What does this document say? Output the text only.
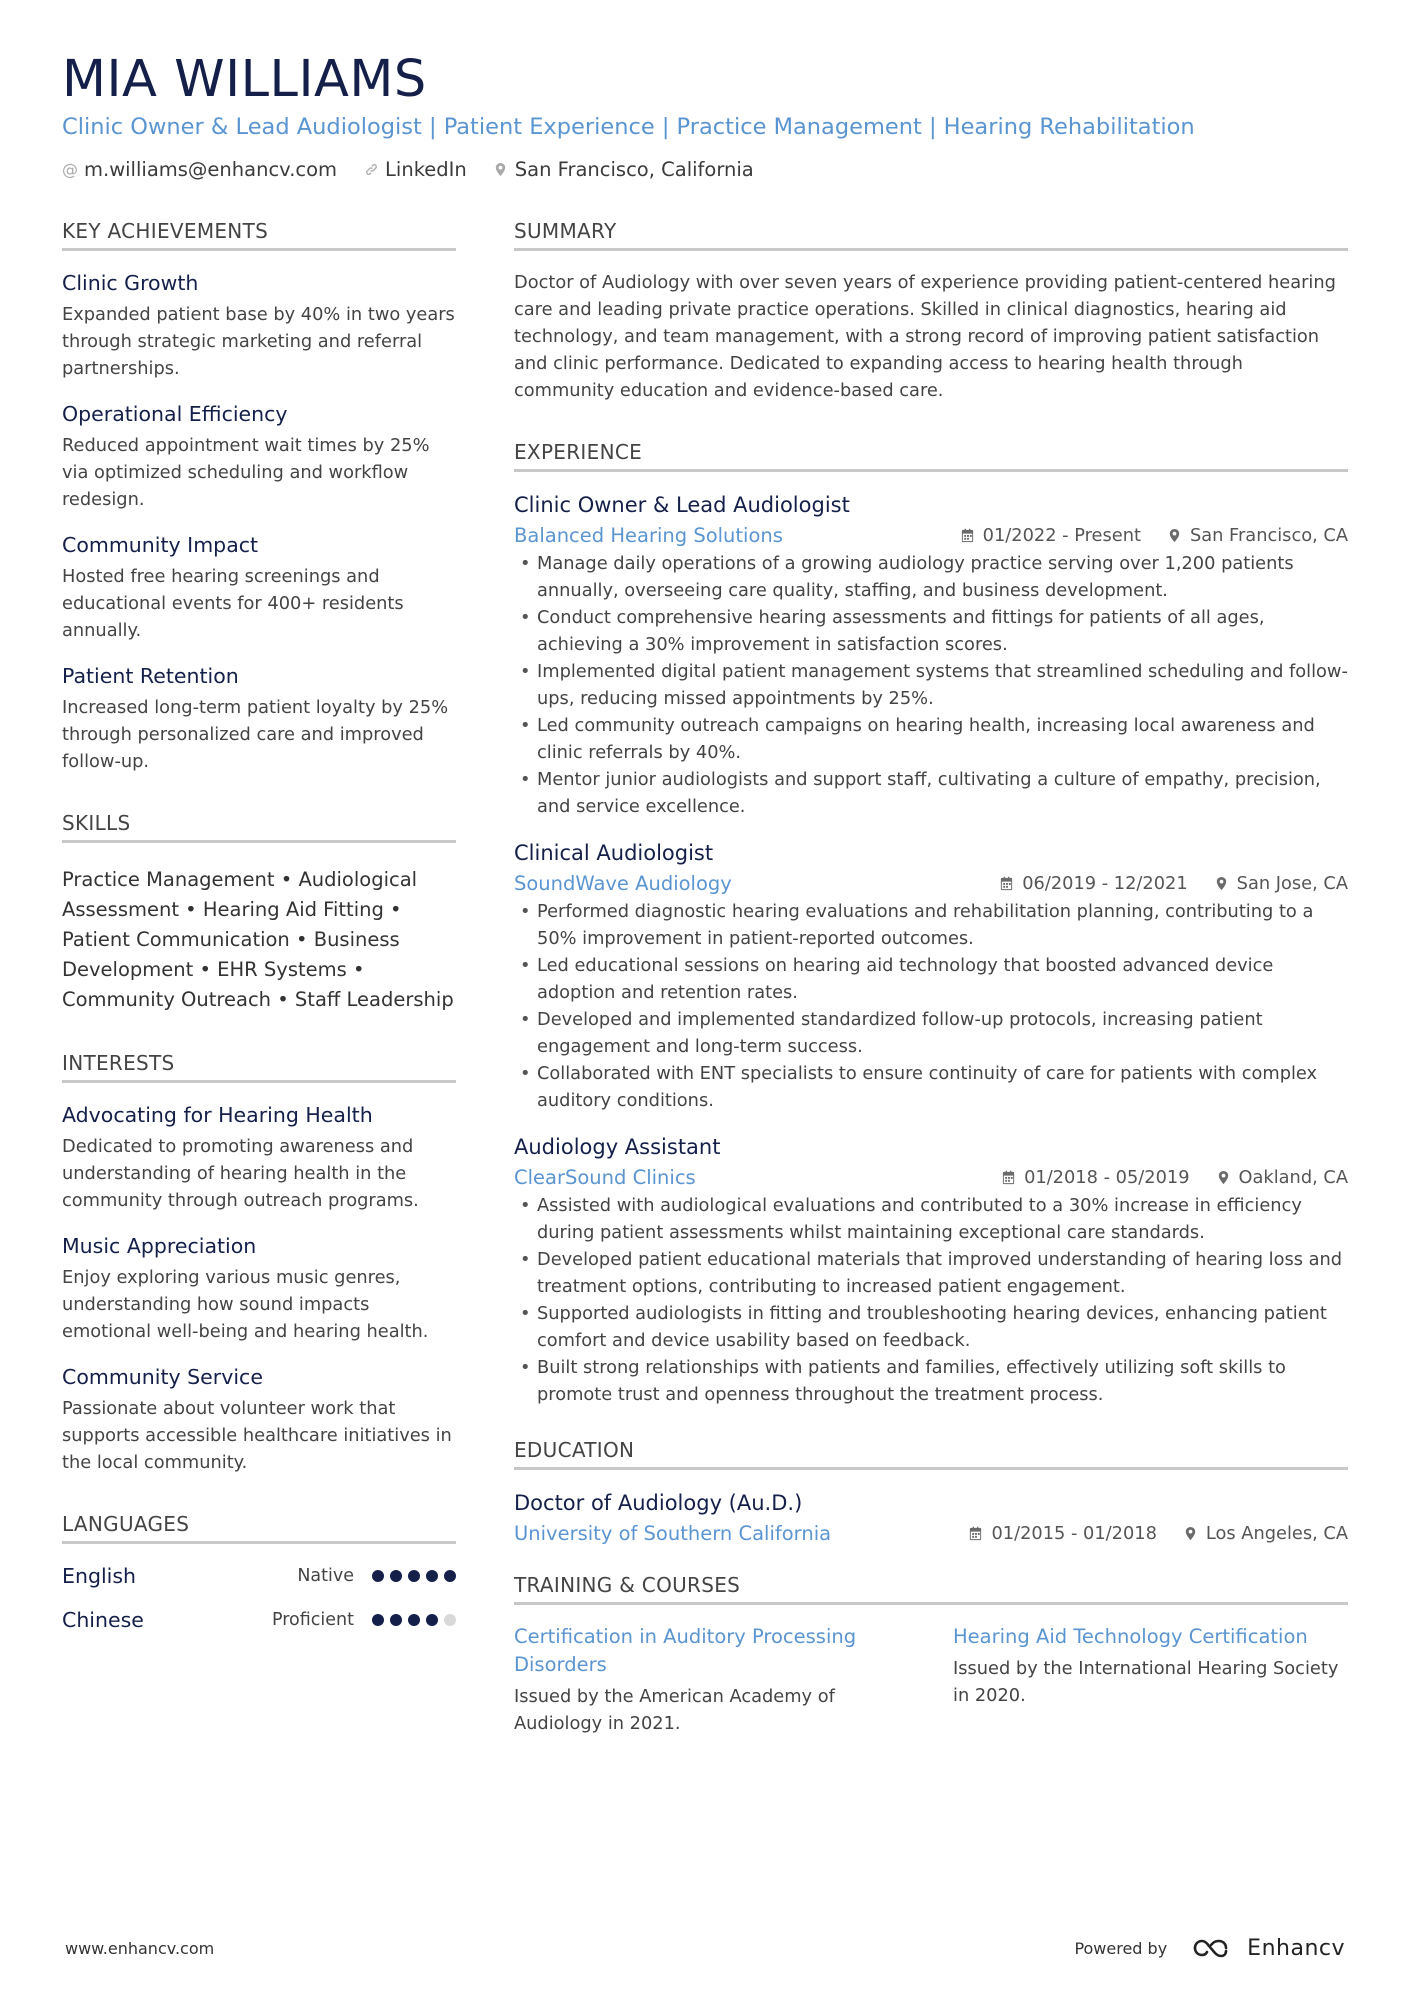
MIA WILLIAMS
Clinic Owner & Lead Audiologist | Patient Experience | Practice Management | Hearing Rehabilitation
@ m.williams@enhancv.com LinkedIn San Francisco, California
KEY ACHIEVEMENTS
Clinic Growth
Expanded patient base by 40% in two years through strategic marketing and referral partnerships.
Operational Efficiency
Reduced appointment wait times by 25% via optimized scheduling and workflow redesign.
Community Impact
Hosted free hearing screenings and educational events for 400+ residents annually.
Patient Retention
Increased long-term patient loyalty by 25% through personalized care and improved follow-up.
SKILLS
Practice Management • Audiological Assessment • Hearing Aid Fitting • Patient Communication • Business Development • EHR Systems • Community Outreach • Staff Leadership
INTERESTS
Advocating for Hearing Health
Dedicated to promoting awareness and understanding of hearing health in the community through outreach programs.
Music Appreciation
Enjoy exploring various music genres, understanding how sound impacts emotional well-being and hearing health.
Community Service
Passionate about volunteer work that supports accessible healthcare initiatives in the local community.
LANGUAGES
English	Native
Chinese	Proficient
SUMMARY
Doctor of Audiology with over seven years of experience providing patient-centered hearing care and leading private practice operations. Skilled in clinical diagnostics, hearing aid technology, and team management, with a strong record of improving patient satisfaction and clinic performance. Dedicated to expanding access to hearing health through community education and evidence-based care.
EXPERIENCE
Clinic Owner & Lead Audiologist
Balanced Hearing Solutions	01/2022 - Present	San Francisco, CA
• Manage daily operations of a growing audiology practice serving over 1,200 patients annually, overseeing care quality, staffing, and business development.
• Conduct comprehensive hearing assessments and fittings for patients of all ages, achieving a 30% improvement in satisfaction scores.
• Implemented digital patient management systems that streamlined scheduling and follow-ups, reducing missed appointments by 25%.
• Led community outreach campaigns on hearing health, increasing local awareness and clinic referrals by 40%.
• Mentor junior audiologists and support staff, cultivating a culture of empathy, precision, and service excellence.
Clinical Audiologist
SoundWave Audiology	06/2019 - 12/2021	San Jose, CA
• Performed diagnostic hearing evaluations and rehabilitation planning, contributing to a 50% improvement in patient-reported outcomes.
• Led educational sessions on hearing aid technology that boosted advanced device adoption and retention rates.
• Developed and implemented standardized follow-up protocols, increasing patient engagement and long-term success.
• Collaborated with ENT specialists to ensure continuity of care for patients with complex auditory conditions.
Audiology Assistant
ClearSound Clinics	01/2018 - 05/2019	Oakland, CA
• Assisted with audiological evaluations and contributed to a 30% increase in efficiency during patient assessments whilst maintaining exceptional care standards.
• Developed patient educational materials that improved understanding of hearing loss and treatment options, contributing to increased patient engagement.
• Supported audiologists in fitting and troubleshooting hearing devices, enhancing patient comfort and device usability based on feedback.
• Built strong relationships with patients and families, effectively utilizing soft skills to promote trust and openness throughout the treatment process.
EDUCATION
Doctor of Audiology (Au.D.)
University of Southern California	01/2015 - 01/2018	Los Angeles, CA
TRAINING & COURSES
Certification in Auditory Processing Disorders
Issued by the American Academy of Audiology in 2021.
Hearing Aid Technology Certification
Issued by the International Hearing Society in 2020.
www.enhancv.com	Powered by	Enhancv
